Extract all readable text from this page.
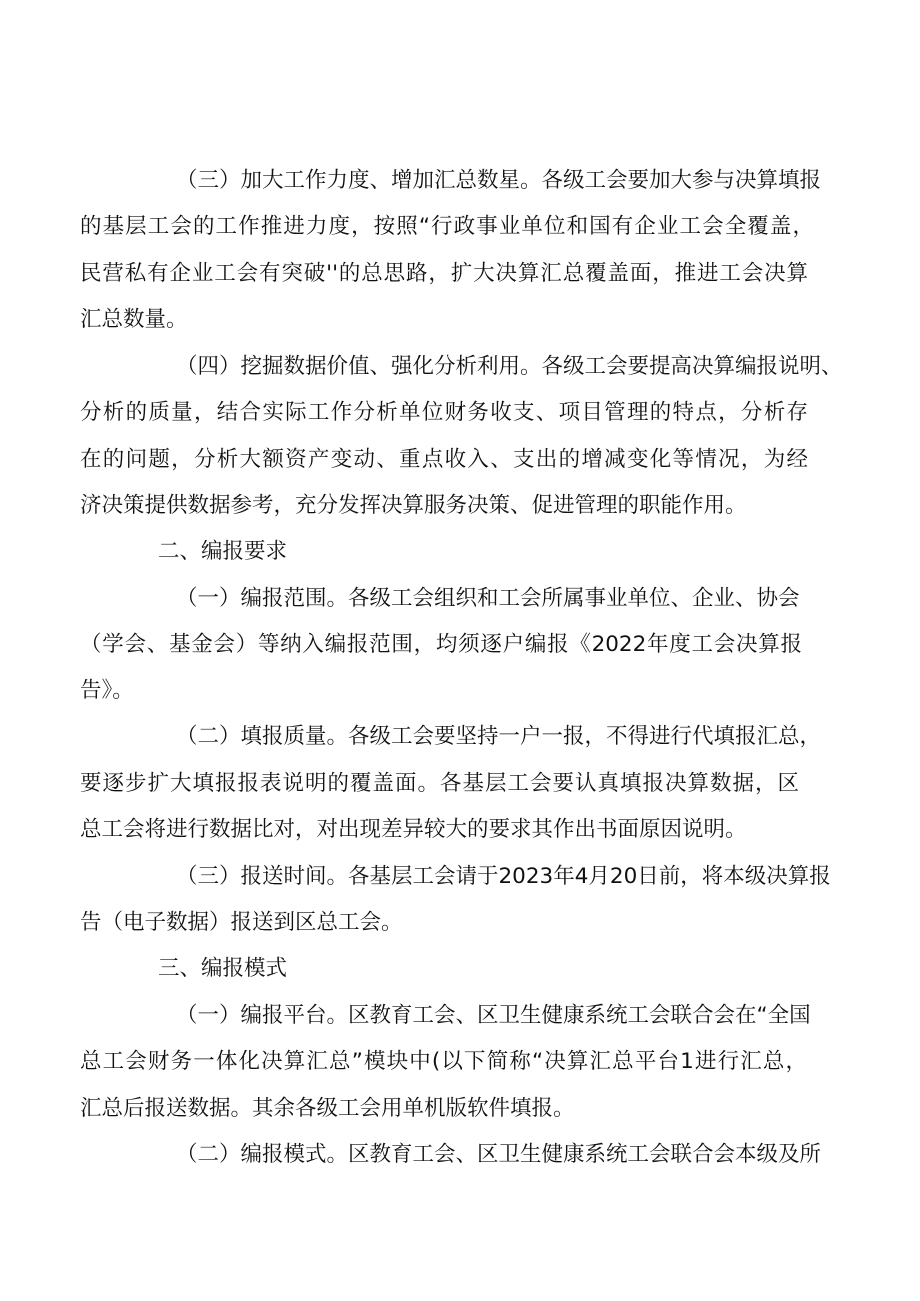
（三）加大工作力度、增加汇总数星。各级工会要加大参与决算填报
的基层工会的工作推进力度，按照“行政事业单位和国有企业工会全覆盖，
民营私有企业工会有突破''的总思路，扩大决算汇总覆盖面，推进工会决算
汇总数量。
（四）挖掘数据价值、强化分析利用。各级工会要提高决算编报说明、
分析的质量，结合实际工作分析单位财务收支、项目管理的特点，分析存
在的问题，分析大额资产变动、重点收入、支出的增减变化等情况，为经
济决策提供数据参考，充分发挥决算服务决策、促进管理的职能作用。
二、编报要求
（一）编报范围。各级工会组织和工会所属事业单位、企业、协会
（学会、基金会）等纳入编报范围，均须逐户编报《2022年度工会决算报
告》。
（二）填报质量。各级工会要坚持一户一报，不得进行代填报汇总，
要逐步扩大填报报表说明的覆盖面。各基层工会要认真填报决算数据，区
总工会将进行数据比对，对出现差异较大的要求其作出书面原因说明。
（三）报送时间。各基层工会请于2023年4月20日前，将本级决算报
告（电子数据）报送到区总工会。
三、编报模式
（一）编报平台。区教育工会、区卫生健康系统工会联合会在“全国
总工会财务一体化决算汇总”模块中(以下简称“决算汇总平台1进行汇总，
汇总后报送数据。其余各级工会用单机版软件填报。
（二）编报模式。区教育工会、区卫生健康系统工会联合会本级及所
